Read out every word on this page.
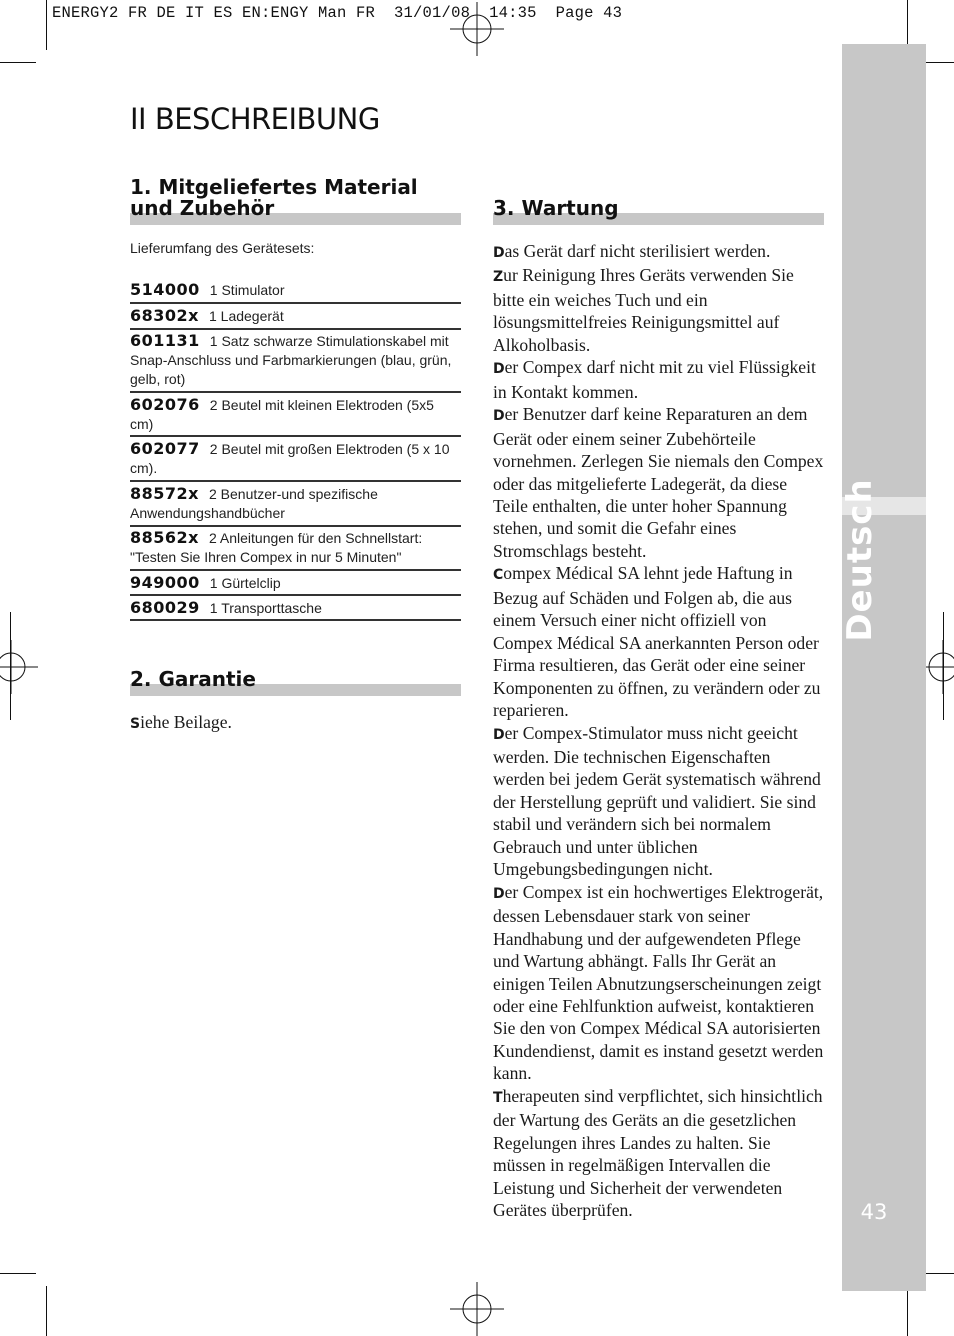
ENERGY2 FR DE IT ES EN:ENGY Man FR  31/01/08  14:35  Page 43
Deutsch
43
II BESCHREIBUNG
1. Mitgeliefertes Material und Zubehör
Lieferumfang des Gerätesets:
514000 1 Stimulator
68302x 1 Ladegerät
601131 1 Satz schwarze Stimulationskabel mit Snap-Anschluss und Farbmarkierungen (blau, grün, gelb, rot)
602076 2 Beutel mit kleinen Elektroden (5x5 cm)
602077 2 Beutel mit großen Elektroden (5 x 10 cm).
88572x 2 Benutzer-und spezifische Anwendungshandbücher
88562x 2 Anleitungen für den Schnellstart: "Testen Sie Ihren Compex in nur 5 Minuten"
949000 1 Gürtelclip
680029 1 Transporttasche
2. Garantie

Siehe Beilage.

3. Wartung

Das Gerät darf nicht sterilisiert werden.

Zur Reinigung Ihres Geräts verwenden Sie bitte ein weiches Tuch und ein lösungsmittelfreies Reinigungsmittel auf Alkoholbasis.

Der Compex darf nicht mit zu viel Flüssigkeit in Kontakt kommen.

Der Benutzer darf keine Reparaturen an dem Gerät oder einem seiner Zubehörteile vornehmen. Zerlegen Sie niemals den Compex oder das mitgelieferte Ladegerät, da diese Teile enthalten, die unter hoher Spannung stehen, und somit die Gefahr eines Stromschlags besteht.

Compex Médical SA lehnt jede Haftung in Bezug auf Schäden und Folgen ab, die aus einem Versuch einer nicht offiziell von Compex Médical SA anerkannten Person oder Firma resultieren, das Gerät oder eine seiner Komponenten zu öffnen, zu verändern oder zu reparieren.

Der Compex-Stimulator muss nicht geeicht werden. Die technischen Eigenschaften werden bei jedem Gerät systematisch während der Herstellung geprüft und validiert. Sie sind stabil und verändern sich bei normalem Gebrauch und unter üblichen Umgebungsbedingungen nicht.

Der Compex ist ein hochwertiges Elektrogerät, dessen Lebensdauer stark von seiner Handhabung und der aufgewendeten Pflege und Wartung abhängt. Falls Ihr Gerät an einigen Teilen Abnutzungserscheinungen zeigt oder eine Fehlfunktion aufweist, kontaktieren Sie den von Compex Médical SA autorisierten Kundendienst, damit es instand gesetzt werden kann.

Therapeuten sind verpflichtet, sich hinsichtlich der Wartung des Geräts an die gesetzlichen Regelungen ihres Landes zu halten. Sie müssen in regelmäßigen Intervallen die Leistung und Sicherheit der verwendeten Gerätes überprüfen.
